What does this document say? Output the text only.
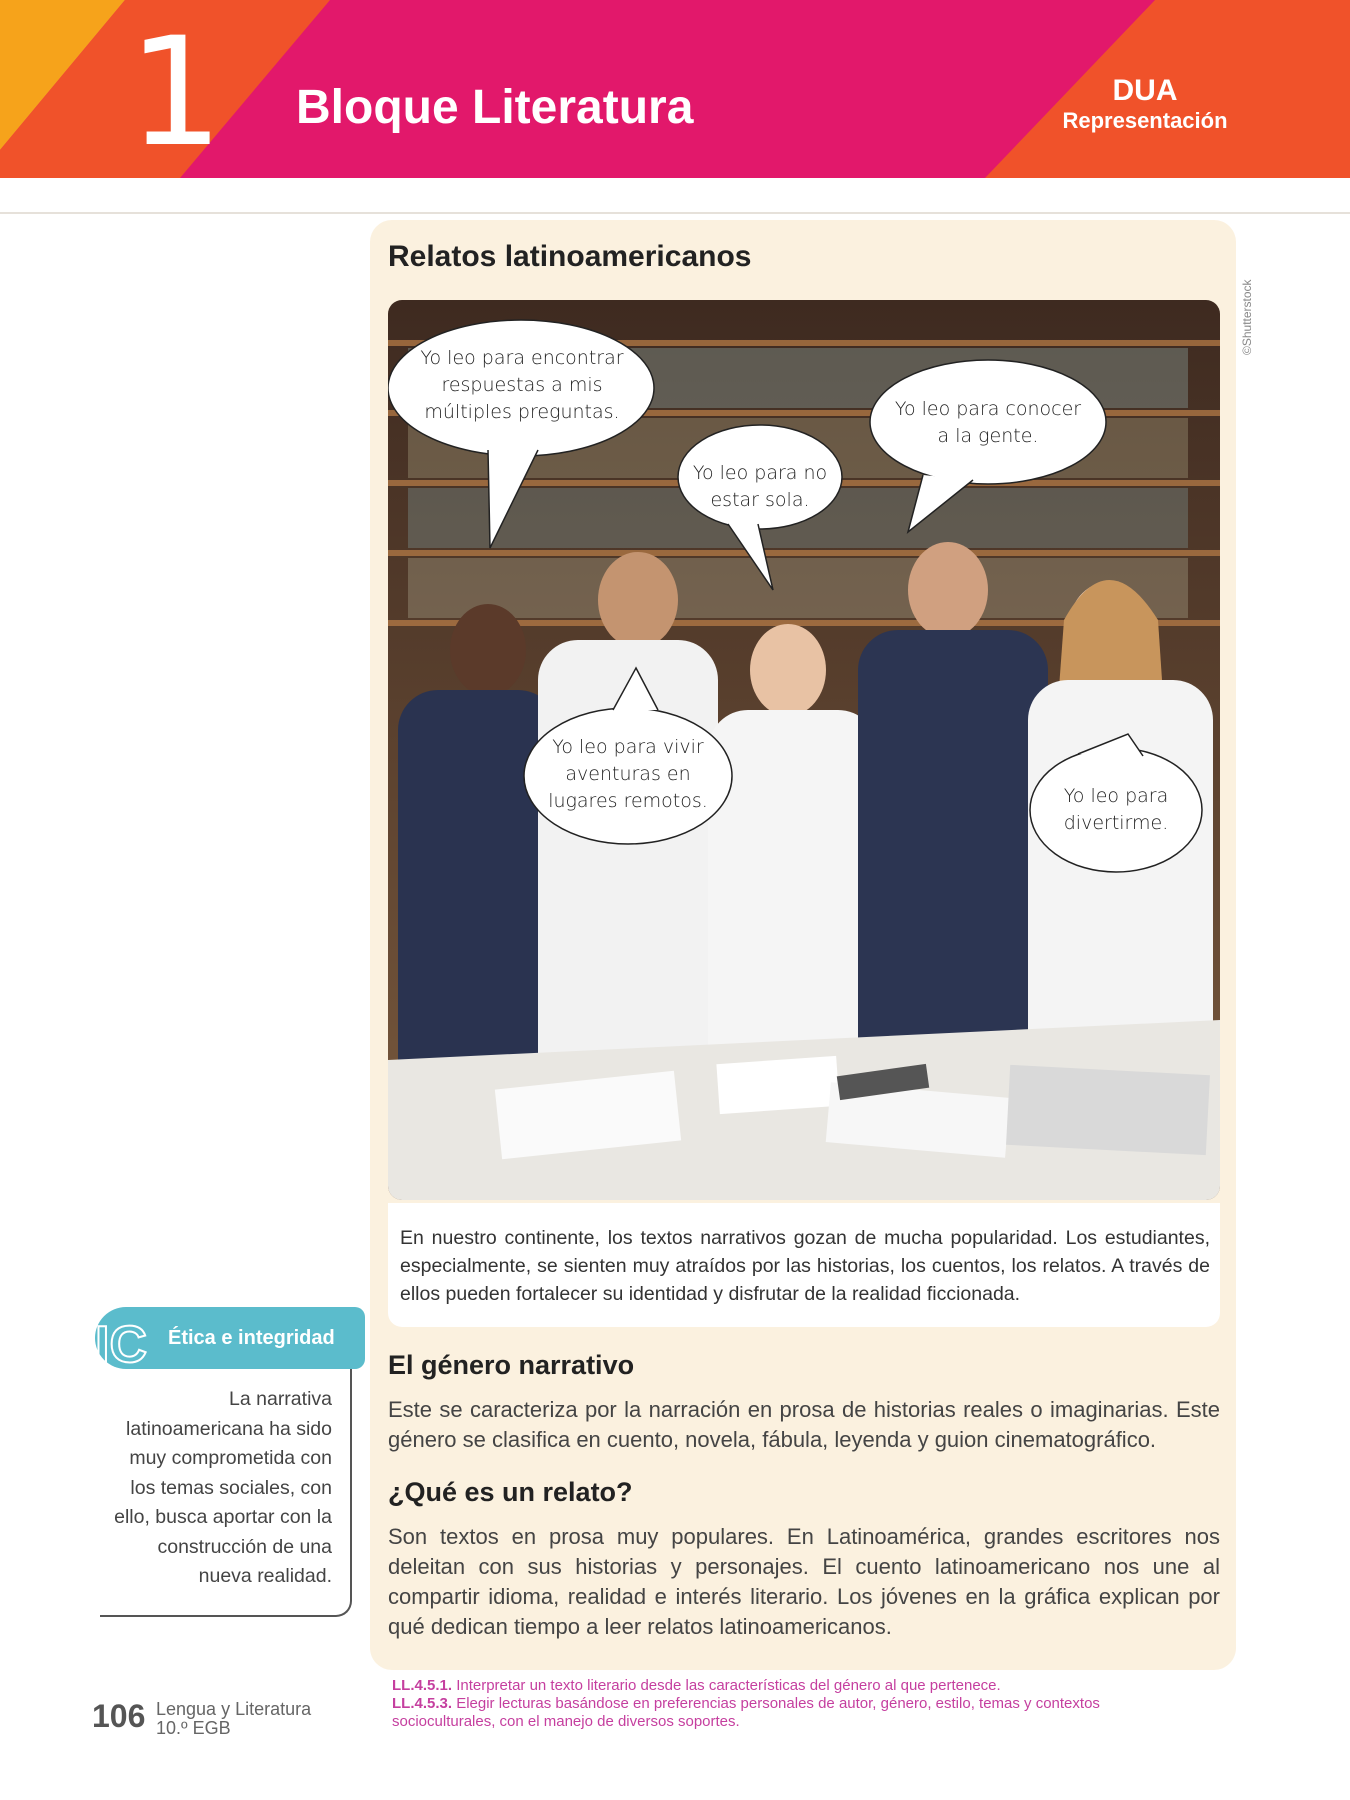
1 Bloque Literatura	DUA
Representación
Relatos latinoamericanos
Yo leo para encontrar respuestas a mis múltiples preguntas.
Yo leo para no estar sola.
Yo leo para conocer a la gente.
Yo leo para vivir aventuras en lugares remotos.	Yo leo para divertirme.
©Shutterstock
En nuestro continente, los textos narrativos gozan de mucha popularidad. Los estudiantes, especialmente, se sienten muy atraídos por las historias, los cuentos, los relatos. A través de ellos pueden fortalecer su identidad y disfrutar de la realidad ficcionada.
El género narrativo
Este se caracteriza por la narración en prosa de historias reales o imaginarias. Este género se clasifica en cuento, novela, fábula, leyenda y guion cinematográfico.
¿Qué es un relato?
Son textos en prosa muy populares. En Latinoamérica, grandes escritores nos deleitan con sus historias y personajes. El cuento latinoamericano nos une al compartir idioma, realidad e interés literario. Los jóvenes en la gráfica explican por qué dedican tiempo a leer relatos latinoamericanos.
IC Ética e integridad
La narrativa latinoamericana ha sido muy comprometida con los temas sociales, con ello, busca aportar con la construcción de una nueva realidad.
106 Lengua y Literatura
10.º EGB
LL.4.5.1. Interpretar un texto literario desde las características del género al que pertenece.
LL.4.5.3. Elegir lecturas basándose en preferencias personales de autor, género, estilo, temas y contextos socioculturales, con el manejo de diversos soportes.
